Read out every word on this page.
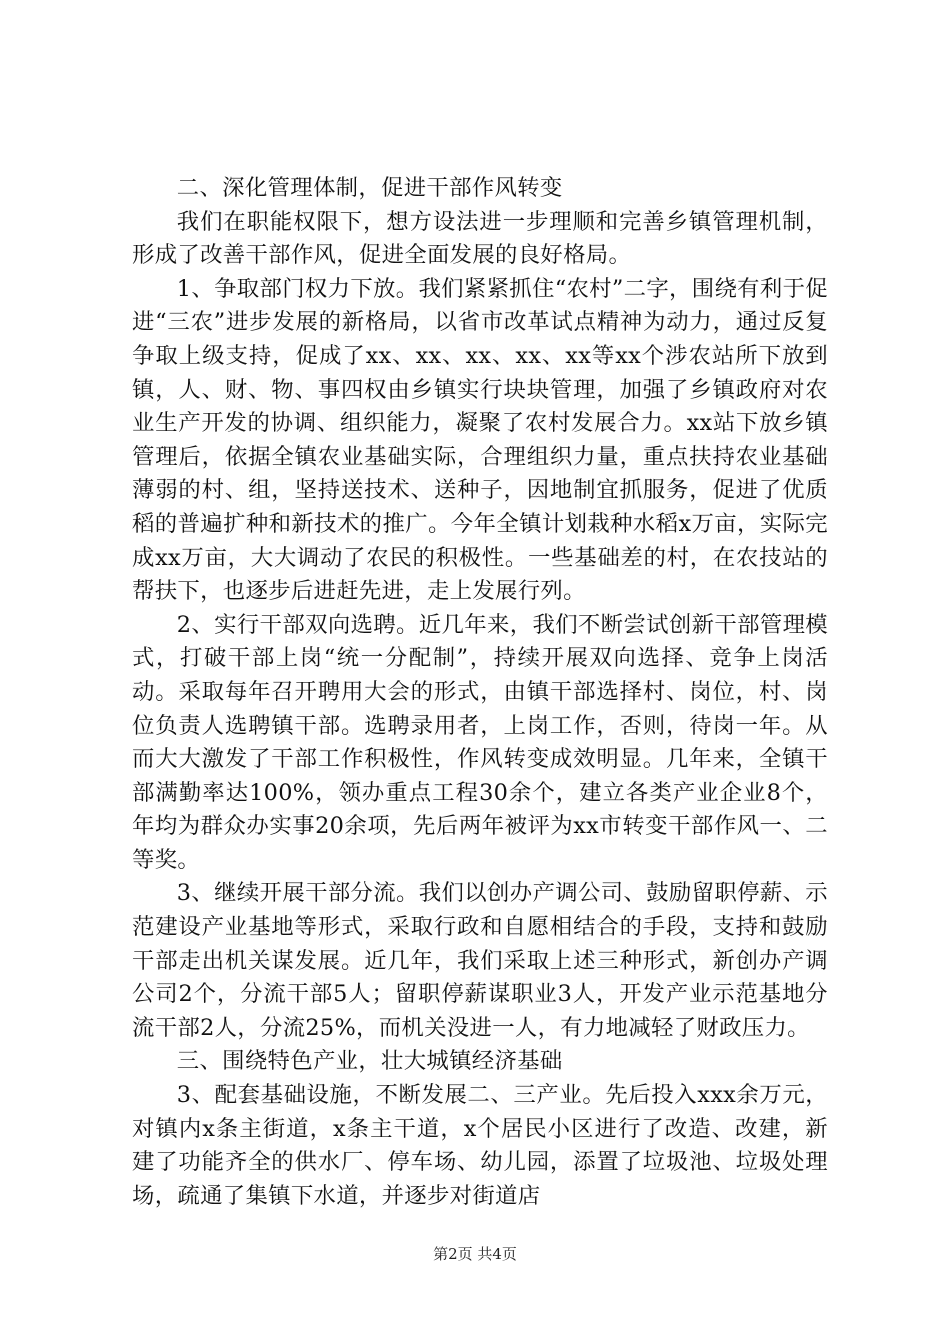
二、深化管理体制，促进干部作风转变

我们在职能权限下，想方设法进一步理顺和完善乡镇管理机制，形成了改善干部作风，促进全面发展的良好格局。

1、争取部门权力下放。我们紧紧抓住“农村”二字，围绕有利于促进“三农”进步发展的新格局，以省市改革试点精神为动力，通过反复争取上级支持，促成了xx、xx、xx、xx、xx等xx个涉农站所下放到镇，人、财、物、事四权由乡镇实行块块管理，加强了乡镇政府对农业生产开发的协调、组织能力，凝聚了农村发展合力。xx站下放乡镇管理后，依据全镇农业基础实际，合理组织力量，重点扶持农业基础薄弱的村、组，坚持送技术、送种子，因地制宜抓服务，促进了优质稻的普遍扩种和新技术的推广。今年全镇计划栽种水稻x万亩，实际完成xx万亩，大大调动了农民的积极性。一些基础差的村，在农技站的帮扶下，也逐步后进赶先进，走上发展行列。

2、实行干部双向选聘。近几年来，我们不断尝试创新干部管理模式，打破干部上岗“统一分配制”，持续开展双向选择、竞争上岗活动。采取每年召开聘用大会的形式，由镇干部选择村、岗位，村、岗位负责人选聘镇干部。选聘录用者，上岗工作，否则，待岗一年。从而大大激发了干部工作积极性，作风转变成效明显。几年来，全镇干部满勤率达100%，领办重点工程30余个，建立各类产业企业8个，年均为群众办实事20余项，先后两年被评为xx市转变干部作风一、二等奖。

3、继续开展干部分流。我们以创办产调公司、鼓励留职停薪、示范建设产业基地等形式，采取行政和自愿相结合的手段，支持和鼓励干部走出机关谋发展。近几年，我们采取上述三种形式，新创办产调公司2个，分流干部5人；留职停薪谋职业3人，开发产业示范基地分流干部2人，分流25%，而机关没进一人，有力地减轻了财政压力。

三、围绕特色产业，壮大城镇经济基础

3、配套基础设施，不断发展二、三产业。先后投入xxx余万元，对镇内x条主街道，x条主干道，x个居民小区进行了改造、改建，新建了功能齐全的供水厂、停车场、幼儿园，添置了垃圾池、垃圾处理场，疏通了集镇下水道，并逐步对街道店

第2页 共4页
